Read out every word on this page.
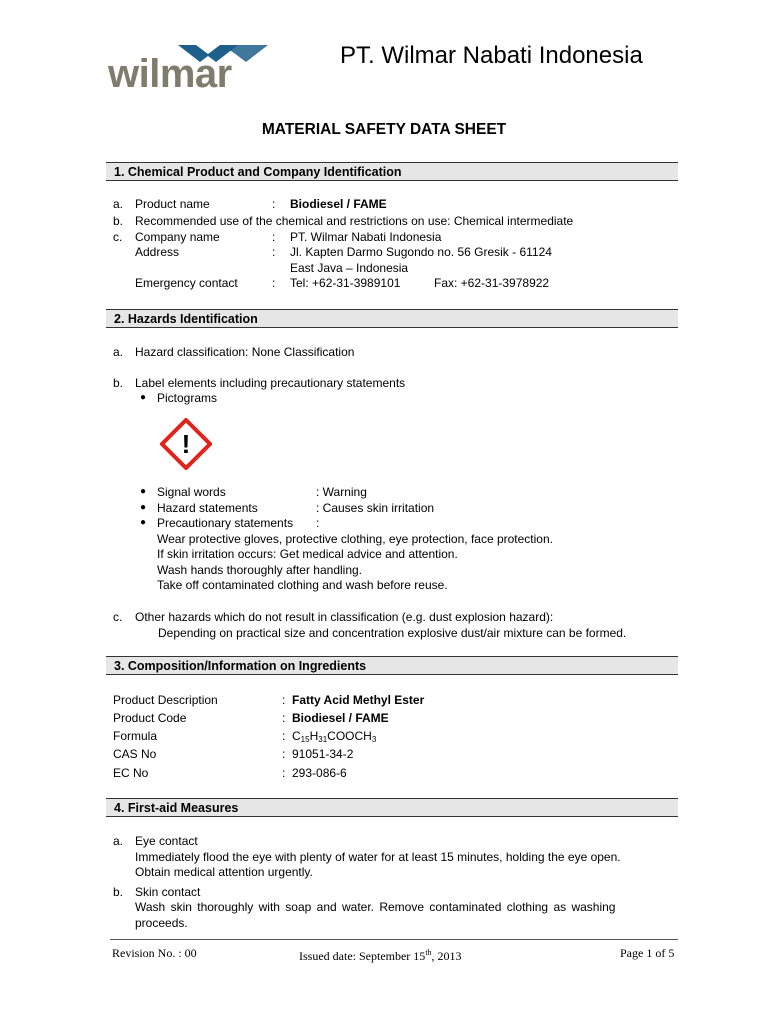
wilmar	PT. Wilmar Nabati Indonesia
MATERIAL SAFETY DATA SHEET
1. Chemical Product and Company Identification
a. Product name	: Biodiesel / FAME
b. Recommended use of the chemical and restrictions on use: Chemical intermediate
c. Company name	: PT. Wilmar Nabati Indonesia
Address	: Jl. Kapten Darmo Sugondo no. 56 Gresik - 61124
East Java – Indonesia
Emergency contact	: Tel: +62-31-3989101	Fax: +62-31-3978922
2. Hazards Identification
a. Hazard classification: None Classification
b. Label elements including precautionary statements
● Pictograms
!
● Signal words	: Warning
● Hazard statements	: Causes skin irritation
● Precautionary statements :
Wear protective gloves, protective clothing, eye protection, face protection.
If skin irritation occurs: Get medical advice and attention.
Wash hands thoroughly after handling.
Take off contaminated clothing and wash before reuse.
c. Other hazards which do not result in classification (e.g. dust explosion hazard):
Depending on practical size and concentration explosive dust/air mixture can be formed.
3. Composition/Information on Ingredients
Product Description	: Fatty Acid Methyl Ester
Product Code	: Biodiesel / FAME
Formula	: $C_{15}H_{31}COOCH_3$
CAS No	: 91051-34-2
EC No	: 293-086-6
4. First-aid Measures
a. Eye contact
Immediately flood the eye with plenty of water for at least 15 minutes, holding the eye open.
Obtain medical attention urgently.
b. Skin contact
Wash skin thoroughly with soap and water. Remove contaminated clothing as washing
proceeds.
Revision No. : 00	Issued date: September 15th, 2013	Page 1 of 5
